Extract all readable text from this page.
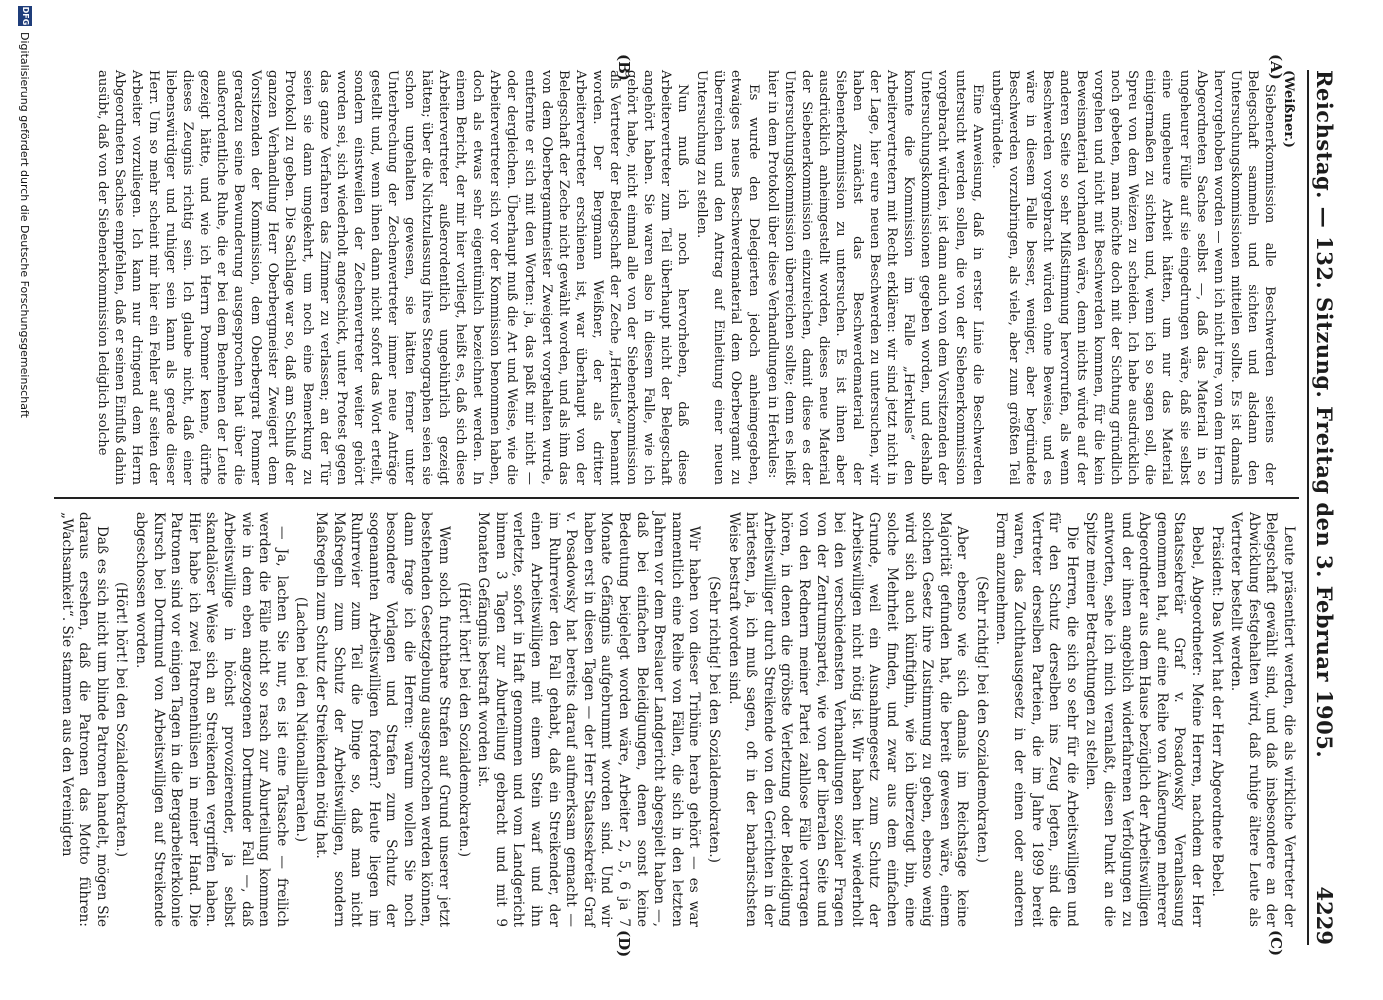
Reichstag. — 132. Sitzung. Freitag den 3. Februar 1905.
4229
(A)
(B)
(C)
(D)

(Weißner.)

Siebenerkommission alle Beschwerden seitens der Belegschaft sammeln und sichten und alsdann den Untersuchungskommissionen mitteilen sollte. Es ist damals hervorgehoben worden — wenn ich nicht irre, von dem Herrn Abgeordneten Sachse selbst —, daß das Material in so ungeheurer Fülle auf sie eingedrungen wäre, daß sie selbst eine ungeheure Arbeit hätten, um nur das Material einigermaßen zu sichten und, wenn ich so sagen soll, die Spreu von dem Weizen zu scheiden. Ich habe ausdrücklich noch gebeten, man möchte doch mit der Sichtung gründlich vorgehen und nicht mit Beschwerden kommen, für die kein Beweismaterial vorhanden wäre, denn nichts würde auf der anderen Seite so sehr Mißstimmung hervorrufen, als wenn Beschwerden vorgebracht würden ohne Beweise, und es wäre in diesem Falle besser, weniger, aber begründete Beschwerden vorzubringen, als viele, aber zum größten Teil unbegründete.

Eine Anweisung, daß in erster Linie die Beschwerden untersucht werden sollen, die von der Siebenerkommission vorgebracht würden, ist dann auch von dem Vorsitzenden der Untersuchungskommissionen gegeben worden, und deshalb konnte die Kommission im Falle „Herkules“ den Arbeitervertretern mit Recht erklären: wir sind jetzt nicht in der Lage, hier eure neuen Beschwerden zu untersuchen, wir haben zunächst das Beschwerdematerial der Siebenerkommission zu untersuchen. Es ist ihnen aber ausdrücklich anheimgestellt worden, dieses neue Material der Siebenerkommission einzureichen, damit diese es der Untersuchungskommission überreichen sollte; denn es heißt hier in dem Protokoll über diese Verhandlungen in Herkules:

Es wurde den Delegierten jedoch anheimgegeben, etwaiges neues Beschwerdematerial dem Oberbergamt zu überreichen und den Antrag auf Einleitung einer neuen Untersuchung zu stellen.

Nun muß ich noch hervorheben, daß diese Arbeitervertreter zum Teil überhaupt nicht der Belegschaft angehört haben. Sie waren also in diesem Falle, wie ich gehört habe, nicht einmal alle von der Siebenerkommission als Vertreter der Belegschaft der Zeche „Herkules“ benannt worden. Der Bergmann Weißner, der als dritter Arbeitervertreter erschienen ist, war überhaupt von der Belegschaft der Zeche nicht gewählt worden, und als ihm das von dem Oberbergamtmeister Zweigert vorgehalten wurde, entfernte er sich mit den Worten: ja, das paßt mir nicht — oder dergleichen. Überhaupt muß die Art und Weise, wie die Arbeitervertreter sich vor der Kommission benommen haben, doch als etwas sehr eigentümlich bezeichnet werden. In einem Bericht, der mir hier vorliegt, heißt es, daß sich diese Arbeitervertreter außerordentlich ungebührlich gezeigt hätten; über die Nichtzulassung ihres Stenographen seien sie schon ungehalten gewesen, sie hätten ferner unter Unterbrechung der Zechenvertreter immer neue Anträge gestellt und, wenn ihnen dann nicht sofort das Wort erteilt, sondern einstweilen der Zechenvertreter weiter gehört worden sei, sich wiederholt angeschickt, unter Protest gegen das ganze Verfahren das Zimmer zu verlassen; an der Tür seien sie dann umgekehrt, um noch eine Bemerkung zu Protokoll zu geben. Die Sachlage war so, daß am Schluß der ganzen Verhandlung Herr Oberbergmeister Zweigert dem Vorsitzenden der Kommission, dem Oberbergrat Pommer geradezu seine Bewunderung ausgesprochen hat über die außerordentliche Ruhe, die er bei dem Benehmen der Leute gezeigt hätte, und wie ich Herrn Pommer kenne, dürfte dieses Zeugnis richtig sein. Ich glaube nicht, daß einer liebenswürdiger und ruhiger sein kann als gerade dieser Herr. Um so mehr scheint mir hier ein Fehler auf seiten der Arbeiter vorzuliegen. Ich kann nur dringend dem Herrn Abgeordneten Sachse empfehlen, daß er seinen Einfluß dahin ausübt, daß von der Siebenerkommission lediglich solche

Leute präsentiert werden, die als wirkliche Vertreter der Belegschaft gewählt sind, und daß insbesondere an der Abwicklung festgehalten wird, daß ruhige ältere Leute als Vertreter bestellt werden.

Präsident: Das Wort hat der Herr Abgeordnete Bebel.

Bebel, Abgeordneter: Meine Herren, nachdem der Herr Staatssekretär Graf v. Posadowsky Veranlassung genommen hat, auf eine Reihe von Äußerungen mehrerer Abgeordneter aus dem Hause bezüglich der Arbeitswilligen und der ihnen angeblich widerfahrenen Verfolgungen zu antworten, sehe ich mich veranlaßt, diesen Punkt an die Spitze meiner Betrachtungen zu stellen.

Die Herren, die sich so sehr für die Arbeitswilligen und für den Schutz derselben ins Zeug legten, sind die Vertreter derselben Parteien, die im Jahre 1899 bereit waren, das Zuchthausgesetz in der einen oder anderen Form anzunehmen.

(Sehr richtig! bei den Sozialdemokraten.)

Aber ebenso wie sich damals im Reichstage keine Majorität gefunden hat, die bereit gewesen wäre, einem solchen Gesetz ihre Zustimmung zu geben, ebenso wenig wird sich auch künftighin, wie ich überzeugt bin, eine solche Mehrheit finden, und zwar aus dem einfachen Grunde, weil ein Ausnahmegesetz zum Schutz der Arbeitswilligen nicht nötig ist. Wir haben hier wiederholt bei den verschiedensten Verhandlungen sozialer Fragen von der Zentrumspartei, wie von der liberalen Seite und von den Rednern meiner Partei zahllose Fälle vortragen hören, in denen die gröbste Verletzung oder Beleidigung Arbeitswilliger durch Streikende von den Gerichten in der härtesten, ja, ich muß sagen, oft in der barbarischsten Weise bestraft worden sind.

(Sehr richtig! bei den Sozialdemokraten.)

Wir haben von dieser Tribüne herab gehört — es war namentlich eine Reihe von Fällen, die sich in den letzten Jahren vor dem Breslauer Landgericht abgespielt haben —, daß bei einfachen Beleidigungen, denen sonst keine Bedeutung beigelegt worden wäre, Arbeiter 2, 5, 6 ja 7 Monate Gefängnis aufgebrummt worden sind. Und wir haben erst in diesen Tagen — der Herr Staatssekretär Graf v. Posadowsky hat bereits darauf aufmerksam gemacht — im Ruhrrevier den Fall gehabt, daß ein Streikender, der einen Arbeitswilligen mit einem Stein warf und ihn verletzte, sofort in Haft genommen und vom Landgericht binnen 3 Tagen zur Aburteilung gebracht und mit 9 Monaten Gefängnis bestraft worden ist.

(Hört! hört! bei den Sozialdemokraten.)

Wenn solch furchtbare Strafen auf Grund unserer jetzt bestehenden Gesetzgebung ausgesprochen werden können, dann frage ich die Herren: warum wollen Sie noch besondere Vorlagen und Strafen zum Schutz der sogenannten Arbeitswilligen fordern? Heute liegen im Ruhrrevier zum Teil die Dinge so, daß man nicht Maßregeln zum Schutz der Arbeitswilligen, sondern Maßregeln zum Schutz der Streikenden nötig hat.

(Lachen bei den Nationalliberalen.)

— Ja, lachen Sie nur, es ist eine Tatsache — freilich werden die Fälle nicht so rasch zur Aburteilung kommen wie in dem eben angezogenen Dortmunder Fall —, daß Arbeitswillige in höchst provozierender, ja selbst skandalöser Weise sich an Streikenden vergriffen haben. Hier habe ich zwei Patronenhülsen in meiner Hand. Die Patronen sind vor einigen Tagen in die Bergarbeiterkolonie Kursch bei Dortmund von Arbeitswilligen auf Streikende abgeschossen worden.

(Hört! hört! bei den Sozialdemokraten.)

Daß es sich nicht um blinde Patronen handelt, mögen Sie daraus ersehen, daß die Patronen das Motto führen: „Wachsamkeit“. Sie stammen aus den Vereinigten

DFG
Digitalisierung gefördert durch die Deutsche Forschungsgemeinschaft
